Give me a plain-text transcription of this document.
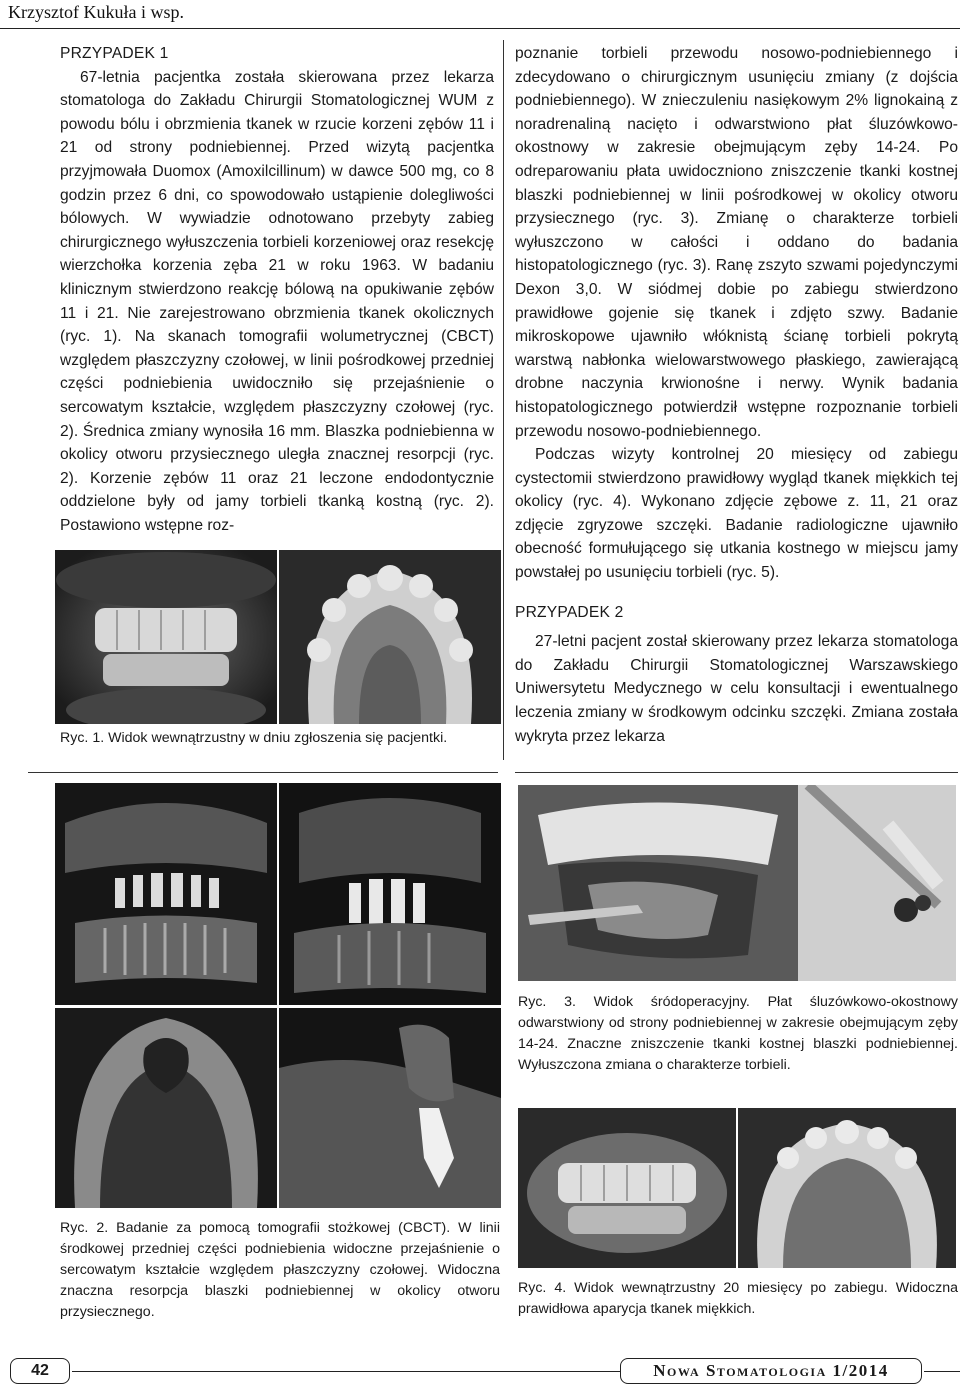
Krzysztof Kukuła i wsp.

PRZYPADEK 1

67-letnia pacjentka została skierowana przez lekarza stomatologa do Zakładu Chirurgii Stomatologicznej WUM z powodu bólu i obrzmienia tkanek w rzucie korzeni zębów 11 i 21 od strony podniebiennej. Przed wizytą pacjentka przyjmowała Duomox (Amoxilcillinum) w dawce 500 mg, co 8 godzin przez 6 dni, co spowodowało ustąpienie dolegliwości bólowych. W wywiadzie odnotowano przebyty zabieg chirurgicznego wyłuszczenia torbieli korzeniowej oraz resekcję wierzchołka korzenia zęba 21 w roku 1963. W badaniu klinicznym stwierdzono reakcję bólową na opukiwanie zębów 11 i 21. Nie zarejestrowano obrzmienia tkanek okolicznych (ryc. 1). Na skanach tomografii wolumetrycznej (CBCT) względem płaszczyzny czołowej, w linii pośrodkowej przedniej części podniebienia uwidoczniło się przejaśnienie o sercowatym kształcie, względem płaszczyzny czołowej (ryc. 2). Średnica zmiany wynosiła 16 mm. Blaszka podniebienna w okolicy otworu przysiecznego uległa znacznej resorpcji (ryc. 2). Korzenie zębów 11 oraz 21 leczone endodontycznie oddzielone były od jamy torbieli tkanką kostną (ryc. 2). Postawiono wstępne roz-

poznanie torbieli przewodu nosowo-podniebiennego i zdecydowano o chirurgicznym usunięciu zmiany (z dojścia podniebiennego). W znieczuleniu nasiękowym 2% lignokainą z noradrenaliną nacięto i odwarstwiono płat śluzówkowo-okostnowy w zakresie obejmującym zęby 14-24. Po odreparowaniu płata uwidoczniono zniszczenie tkanki kostnej blaszki podniebiennej w linii pośrodkowej w okolicy otworu przysiecznego (ryc. 3). Zmianę o charakterze torbieli wyłuszczono w całości i oddano do badania histopatologicznego (ryc. 3). Ranę zszyto szwami pojedynczymi Dexon 3,0. W siódmej dobie po zabiegu stwierdzono prawidłowe gojenie się tkanek i zdjęto szwy. Badanie mikroskopowe ujawniło włóknistą ścianę torbieli pokrytą warstwą nabłonka wielowarstwowego płaskiego, zawierającą drobne naczynia krwionośne i nerwy. Wynik badania histopatologicznego potwierdził wstępne rozpoznanie torbieli przewodu nosowo-podniebiennego.

Podczas wizyty kontrolnej 20 miesięcy od zabiegu cystectomii stwierdzono prawidłowy wygląd tkanek miękkich tej okolicy (ryc. 4). Wykonano zdjęcie zębowe z. 11, 21 oraz zdjęcie zgryzowe szczęki. Badanie radiologiczne ujawniło obecność formułującego się utkania kostnego w miejscu jamy powstałej po usunięciu torbieli (ryc. 5).

PRZYPADEK 2

27-letni pacjent został skierowany przez lekarza stomatologa do Zakładu Chirurgii Stomatologicznej Warszawskiego Uniwersytetu Medycznego w celu konsultacji i ewentualnego leczenia zmiany w środkowym odcinku szczęki. Zmiana została wykryta przez lekarza

Ryc. 1. Widok wewnątrzustny w dniu zgłoszenia się pacjentki.
Ryc. 2. Badanie za pomocą tomografii stożkowej (CBCT). W linii środkowej przedniej części podniebienia widoczne przejaśnienie o sercowatym kształcie względem płaszczyzny czołowej. Widoczna znaczna resorpcja blaszki podniebiennej w okolicy otworu przysiecznego.
Ryc. 3. Widok śródoperacyjny. Płat śluzówkowo-okostnowy odwarstwiony od strony podniebiennej w zakresie obejmującym zęby 14-24. Znaczne zniszczenie tkanki kostnej blaszki podniebiennej. Wyłuszczona zmiana o charakterze torbieli.
Ryc. 4. Widok wewnątrzustny 20 miesięcy po zabiegu. Widoczna prawidłowa aparycja tkanek miękkich.
42	Nowa Stomatologia 1/2014
